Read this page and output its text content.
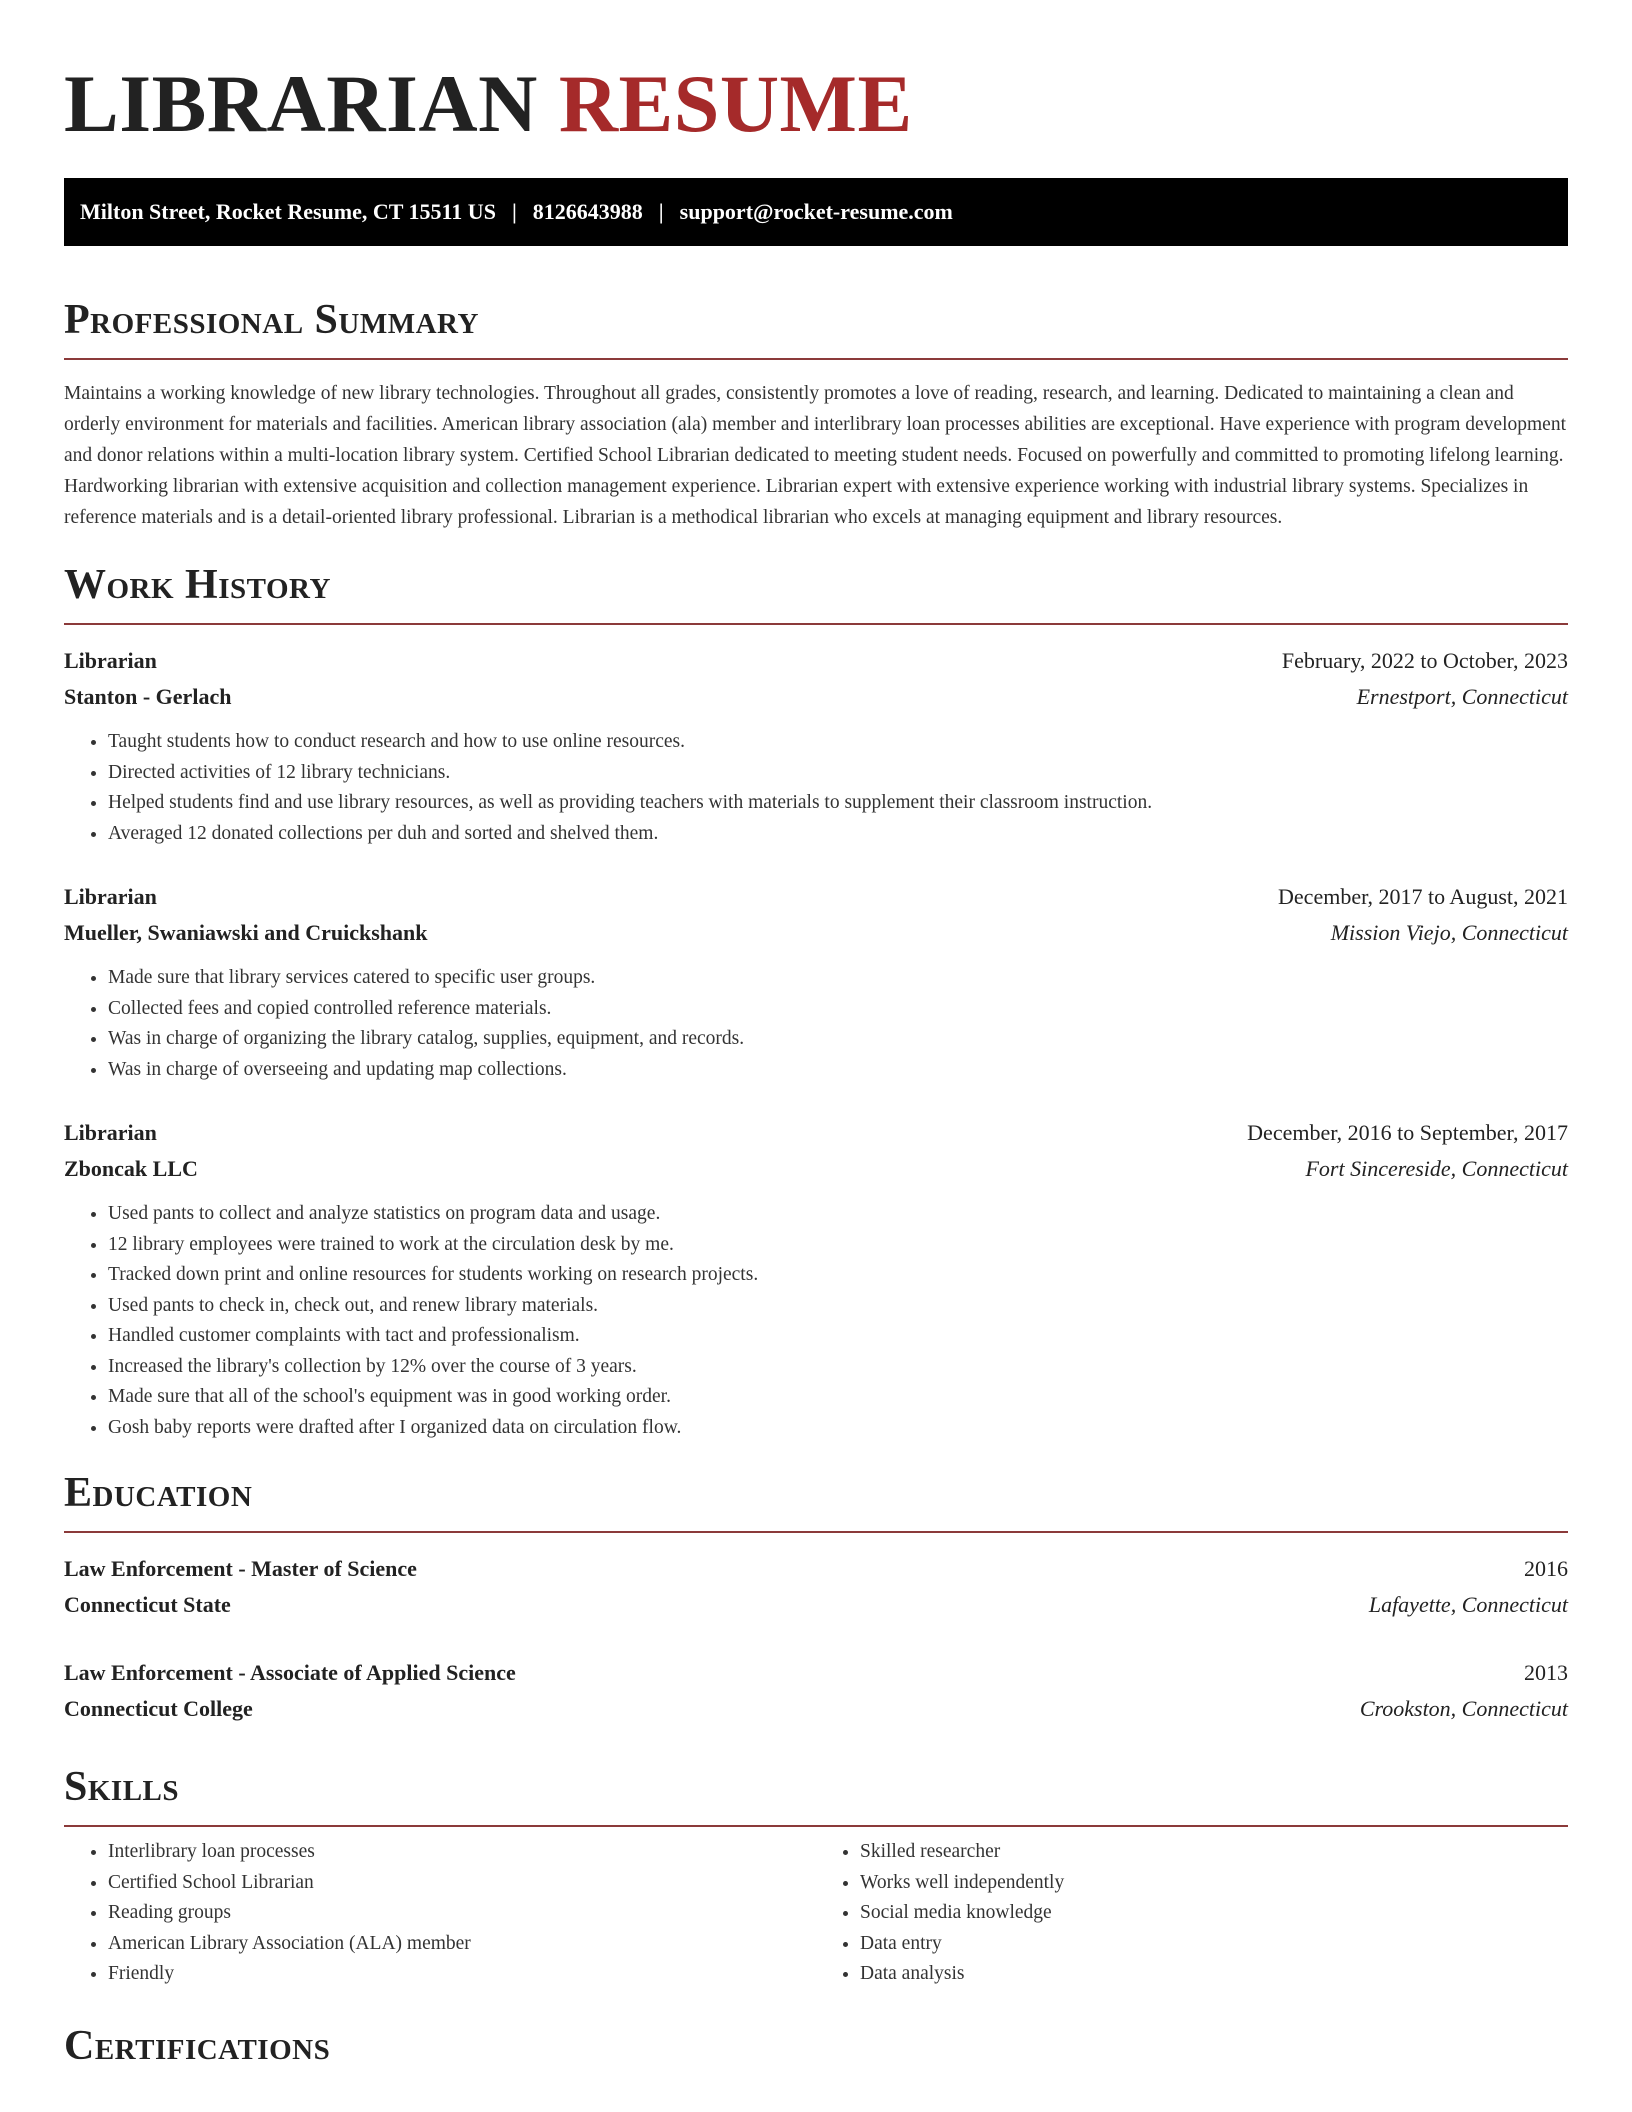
LIBRARIAN RESUME
Milton Street, Rocket Resume, CT 15511 US | 8126643988 | support@rocket-resume.com
Professional Summary

Maintains a working knowledge of new library technologies. Throughout all grades, consistently promotes a love of reading, research, and learning. Dedicated to maintaining a clean and orderly environment for materials and facilities. American library association (ala) member and interlibrary loan processes abilities are exceptional. Have experience with program development and donor relations within a multi-location library system. Certified School Librarian dedicated to meeting student needs. Focused on powerfully and committed to promoting lifelong learning. Hardworking librarian with extensive acquisition and collection management experience. Librarian expert with extensive experience working with industrial library systems. Specializes in reference materials and is a detail-oriented library professional. Librarian is a methodical librarian who excels at managing equipment and library resources.

Work History
Librarian	February, 2022 to October, 2023
Stanton - Gerlach	Ernestport, Connecticut
• Taught students how to conduct research and how to use online resources.
• Directed activities of 12 library technicians.
• Helped students find and use library resources, as well as providing teachers with materials to supplement their classroom instruction.
• Averaged 12 donated collections per duh and sorted and shelved them.
Librarian	December, 2017 to August, 2021
Mueller, Swaniawski and Cruickshank	Mission Viejo, Connecticut
• Made sure that library services catered to specific user groups.
• Collected fees and copied controlled reference materials.
• Was in charge of organizing the library catalog, supplies, equipment, and records.
• Was in charge of overseeing and updating map collections.
Librarian	December, 2016 to September, 2017
Zboncak LLC	Fort Sincereside, Connecticut
• Used pants to collect and analyze statistics on program data and usage.
• 12 library employees were trained to work at the circulation desk by me.
• Tracked down print and online resources for students working on research projects.
• Used pants to check in, check out, and renew library materials.
• Handled customer complaints with tact and professionalism.
• Increased the library's collection by 12% over the course of 3 years.
• Made sure that all of the school's equipment was in good working order.
• Gosh baby reports were drafted after I organized data on circulation flow.
Education
Law Enforcement - Master of Science	2016
Connecticut State	Lafayette, Connecticut
Law Enforcement - Associate of Applied Science	2013
Connecticut College	Crookston, Connecticut
Skills
• Interlibrary loan processes
• Certified School Librarian
• Reading groups
• American Library Association (ALA) member
• Friendly
• Skilled researcher
• Works well independently
• Social media knowledge
• Data entry
• Data analysis
Certifications
